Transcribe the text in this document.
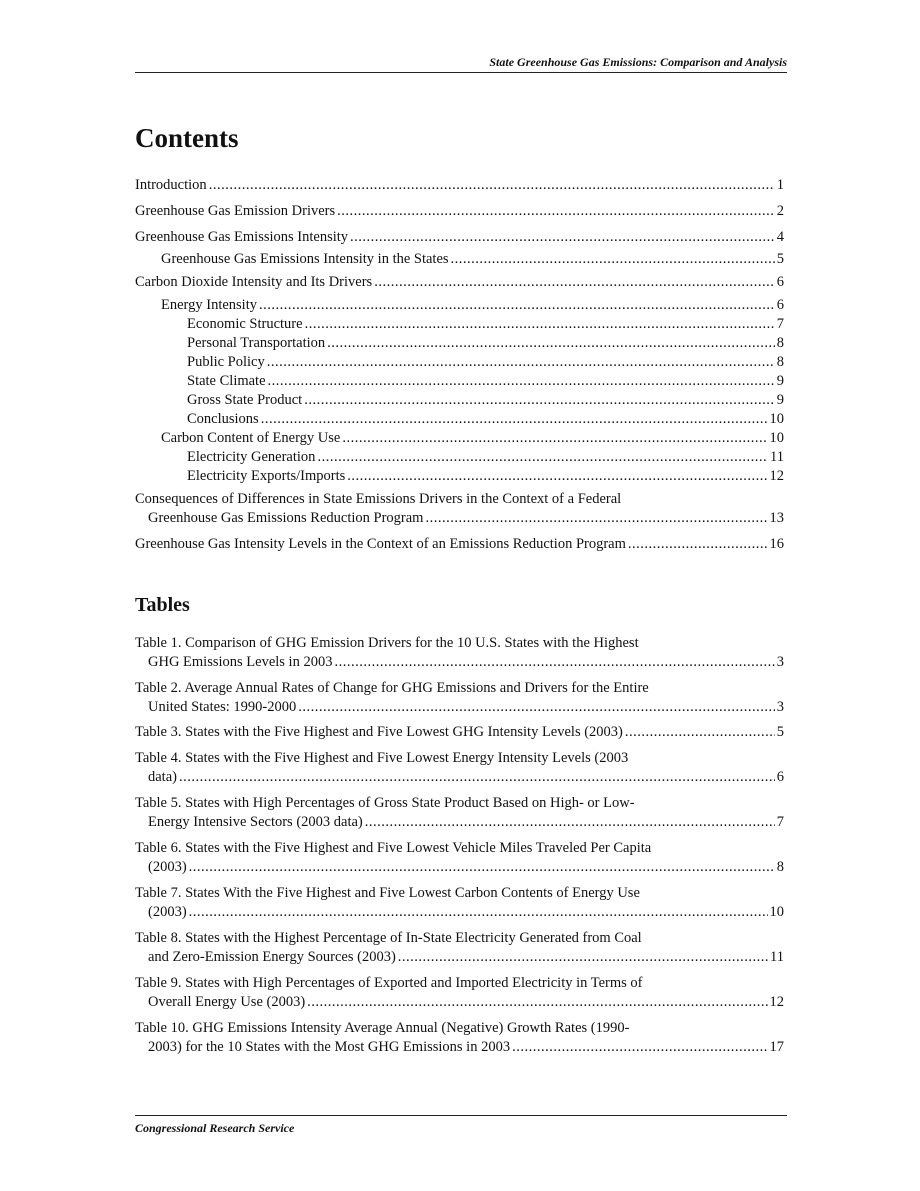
State Greenhouse Gas Emissions: Comparison and Analysis
Contents
Introduction .....	1
Greenhouse Gas Emission Drivers .....	2
Greenhouse Gas Emissions Intensity .....	4
Greenhouse Gas Emissions Intensity in the States .....	5
Carbon Dioxide Intensity and Its Drivers .....	6
Energy Intensity .....	6
Economic Structure .....	7
Personal Transportation .....	8
Public Policy .....	8
State Climate .....	9
Gross State Product .....	9
Conclusions .....	10
Carbon Content of Energy Use .....	10
Electricity Generation .....	11
Electricity Exports/Imports .....	12
Consequences of Differences in State Emissions Drivers in the Context of a Federal
Greenhouse Gas Emissions Reduction Program .....	13
Greenhouse Gas Intensity Levels in the Context of an Emissions Reduction Program .....	16
Tables
Table 1. Comparison of GHG Emission Drivers for the 10 U.S. States with the Highest
GHG Emissions Levels in 2003 .....	3
Table 2. Average Annual Rates of Change for GHG Emissions and Drivers for the Entire
United States: 1990-2000 .....	3
Table 3. States with the Five Highest and Five Lowest GHG Intensity Levels (2003) .....	5
Table 4. States with the Five Highest and Five Lowest Energy Intensity Levels (2003
data) .....	6
Table 5. States with High Percentages of Gross State Product Based on High- or Low-
Energy Intensive Sectors (2003 data) .....	7
Table 6. States with the Five Highest and Five Lowest Vehicle Miles Traveled Per Capita
(2003) .....	8
Table 7. States With the Five Highest and Five Lowest Carbon Contents of Energy Use
(2003) .....	10
Table 8. States with the Highest Percentage of In-State Electricity Generated from Coal
and Zero-Emission Energy Sources (2003) .....	11
Table 9. States with High Percentages of Exported and Imported Electricity in Terms of
Overall Energy Use (2003) .....	12
Table 10. GHG Emissions Intensity Average Annual (Negative) Growth Rates (1990-
2003) for the 10 States with the Most GHG Emissions in 2003 .....	17
Congressional Research Service
